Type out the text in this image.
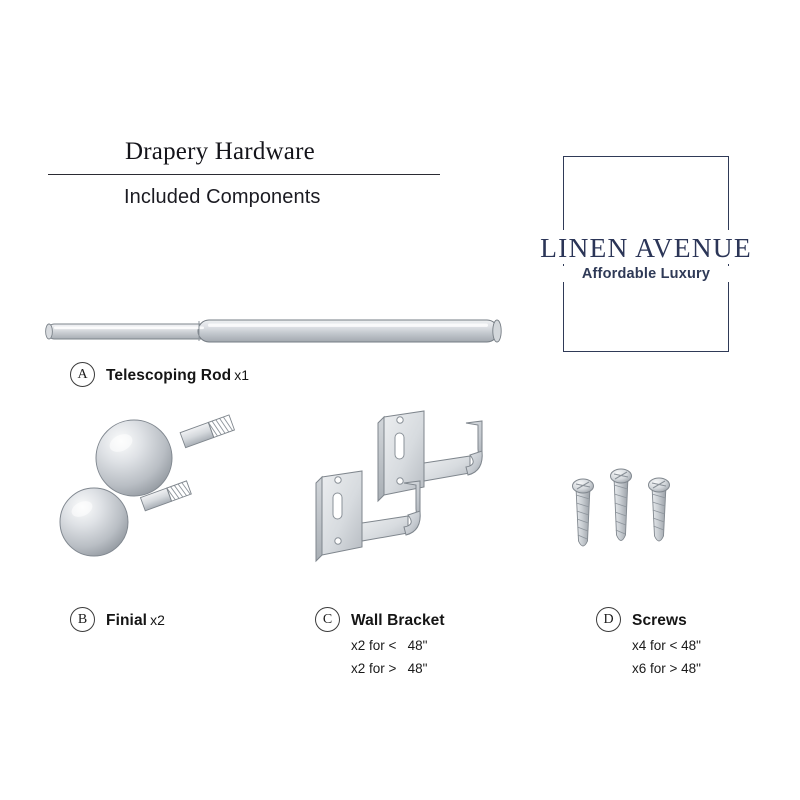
Drapery Hardware
Included Components
LINEN AVENUE
Affordable Luxury
A	Telescoping Rod x1
B	Finial x2	C	Wall Bracket
x2 for <   48"
x2 for >   48"
D	Screws
x4 for < 48"
x6 for > 48"
